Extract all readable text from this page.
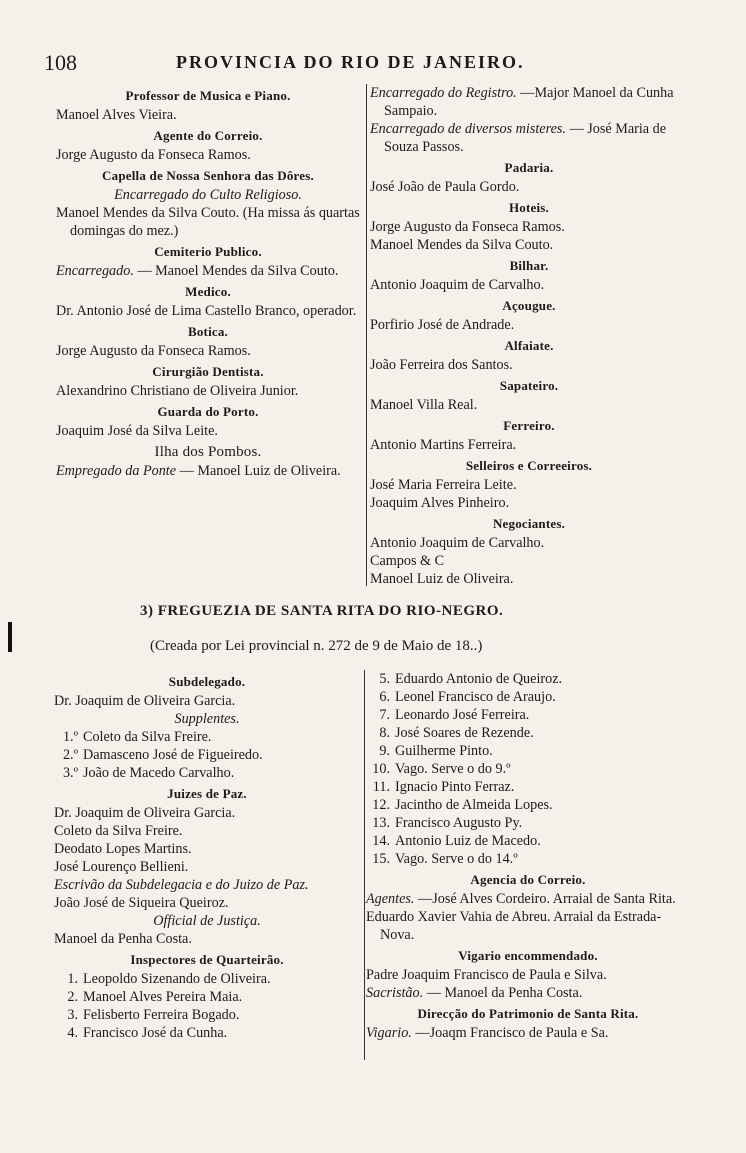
108	PROVINCIA DO RIO DE JANEIRO.

Professor de Musica e Piano.

Manoel Alves Vieira.

Agente do Correio.

Jorge Augusto da Fonseca Ramos.

Capella de Nossa Senhora das Dôres.

Encarregado do Culto Religioso.

Manoel Mendes da Silva Couto. (Ha missa ás quartas domingas do mez.)

Cemiterio Publico.

Encarregado. — Manoel Mendes da Silva Couto.

Medico.

Dr. Antonio José de Lima Castello Branco, operador.

Botica.

Jorge Augusto da Fonseca Ramos.

Cirurgião Dentista.

Alexandrino Christiano de Oliveira Junior.

Guarda do Porto.

Joaquim José da Silva Leite.

Ilha dos Pombos.

Empregado da Ponte — Manoel Luiz de Oliveira.

Encarregado do Registro. —Major Manoel da Cunha Sampaio.

Encarregado de diversos misteres. — José Maria de Souza Passos.

Padaria.

José João de Paula Gordo.

Hoteis.

Jorge Augusto da Fonseca Ramos.

Manoel Mendes da Silva Couto.

Bilhar.

Antonio Joaquim de Carvalho.

Açougue.

Porfirio José de Andrade.

Alfaiate.

João Ferreira dos Santos.

Sapateiro.

Manoel Villa Real.

Ferreiro.

Antonio Martins Ferreira.

Selleiros e Correeiros.

José Maria Ferreira Leite.

Joaquim Alves Pinheiro.

Negociantes.

Antonio Joaquim de Carvalho.

Campos & C

Manoel Luiz de Oliveira.

3) FREGUEZIA DE SANTA RITA DO RIO-NEGRO.
(Creada por Lei provincial n. 272 de 9 de Maio de 18..)

Subdelegado.

Dr. Joaquim de Oliveira Garcia.

Supplentes.

1.º Coleto da Silva Freire.

2.º Damasceno José de Figueiredo.

3.º João de Macedo Carvalho.

Juizes de Paz.

Dr. Joaquim de Oliveira Garcia.

Coleto da Silva Freire.

Deodato Lopes Martins.

José Lourenço Bellieni.

Escrivão da Subdelegacia e do Juizo de Paz.

João José de Siqueira Queiroz.

Official de Justiça.

Manoel da Penha Costa.

Inspectores de Quarteirão.

1. Leopoldo Sizenando de Oliveira.

2. Manoel Alves Pereira Maia.

3. Felisberto Ferreira Bogado.

4. Francisco José da Cunha.

5. Eduardo Antonio de Queiroz.

6. Leonel Francisco de Araujo.

7. Leonardo José Ferreira.

8. José Soares de Rezende.

9. Guilherme Pinto.

10. Vago. Serve o do 9.º

11. Ignacio Pinto Ferraz.

12. Jacintho de Almeida Lopes.

13. Francisco Augusto Py.

14. Antonio Luiz de Macedo.

15. Vago. Serve o do 14.º

Agencia do Correio.

Agentes. —José Alves Cordeiro. Arraial de Santa Rita.

Eduardo Xavier Vahia de Abreu. Arraial da Estrada-Nova.

Vigario encommendado.

Padre Joaquim Francisco de Paula e Silva.

Sacristão. — Manoel da Penha Costa.

Direcção do Patrimonio de Santa Rita.

Vigario. —Joaqm Francisco de Paula e Sa.
